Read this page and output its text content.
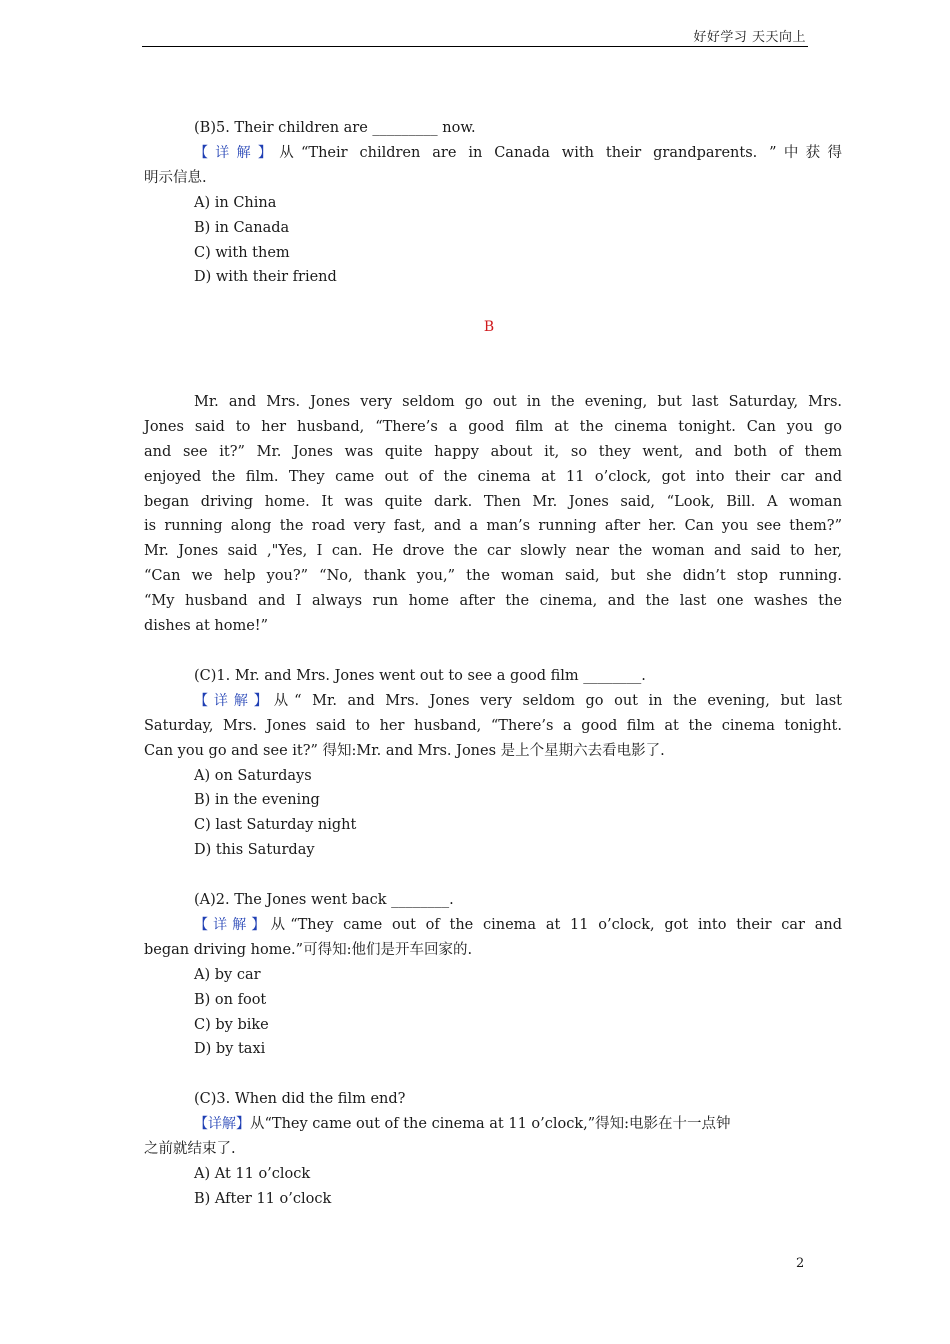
好好学习 天天向上

(B)5. Their children are _________ now.

【详解】从“Their children are in Canada with their grandparents. ”中获得

明示信息.

A) in China

B) in Canada

C) with them

D) with their friend

B

Mr. and Mrs. Jones very seldom go out in the evening, but last Saturday, Mrs.

Jones said to her husband, “There’s a good film at the cinema tonight. Can you go

and see it?” Mr. Jones was quite happy about it, so they went, and both of them

enjoyed the film. They came out of the cinema at 11 o’clock, got into their car and

began driving home. It was quite dark. Then Mr. Jones said, “Look, Bill. A woman

is running along the road very fast, and a man’s running after her. Can you see them?”

Mr. Jones said ,"Yes, I can. He drove the car slowly near the woman and said to her,

“Can we help you?” “No, thank you,” the woman said, but she didn’t stop running.

“My husband and I always run home after the cinema, and the last one washes the

dishes at home!”

(C)1. Mr. and Mrs. Jones went out to see a good film ________.

【详解】从“ Mr. and Mrs. Jones very seldom go out in the evening, but last

Saturday, Mrs. Jones said to her husband, “There’s a good film at the cinema tonight.

Can you go and see it?” 得知:Mr. and Mrs. Jones 是上个星期六去看电影了.

A) on Saturdays

B) in the evening

C) last Saturday night

D) this Saturday

(A)2. The Jones went back ________.

【详解】从“They came out of the cinema at 11 o’clock, got into their car and

began driving home.”可得知:他们是开车回家的.

A) by car

B) on foot

C) by bike

D) by taxi

(C)3. When did the film end?

【详解】从“They came out of the cinema at 11 o’clock,”得知:电影在十一点钟

之前就结束了.

A) At 11 o’clock

B) After 11 o’clock

2
